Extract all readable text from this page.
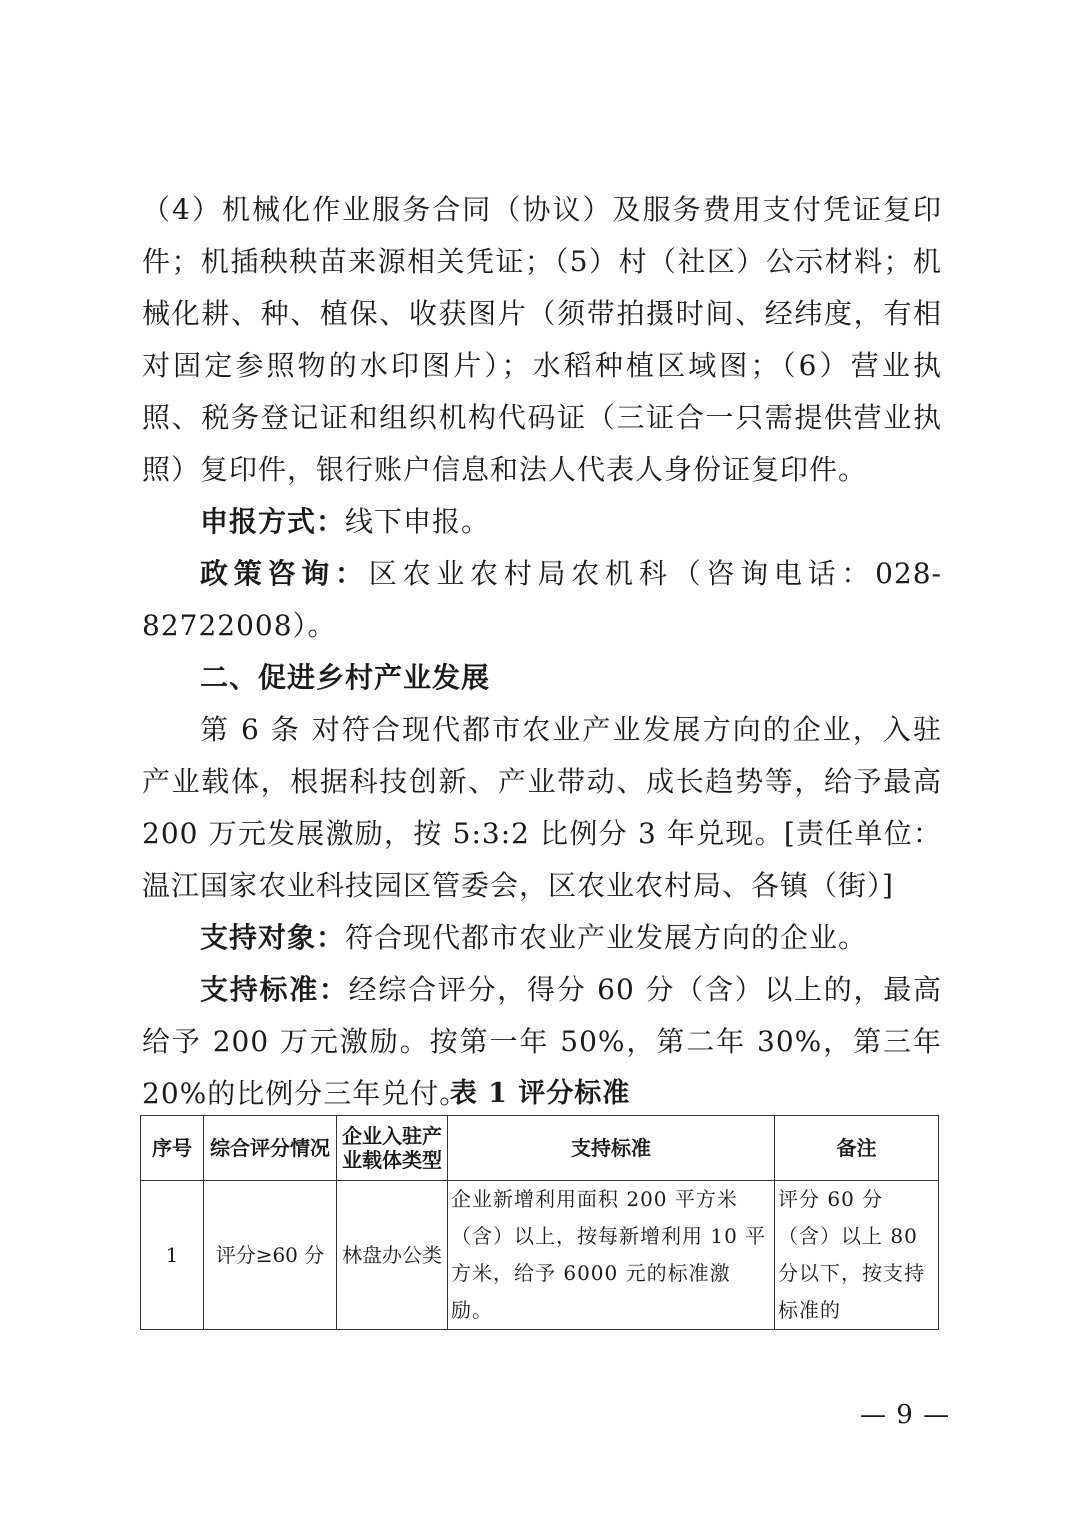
（4）机械化作业服务合同（协议）及服务费用支付凭证复印件；机插秧秧苗来源相关凭证；（5）村（社区）公示材料；机械化耕、种、植保、收获图片（须带拍摄时间、经纬度，有相对固定参照物的水印图片）；水稻种植区域图；（6）营业执照、税务登记证和组织机构代码证（三证合一只需提供营业执照）复印件，银行账户信息和法人代表人身份证复印件。

申报方式：线下申报。

政策咨询：区农业农村局农机科（咨询电话：028-82722008）。

二、促进乡村产业发展

第 6 条 对符合现代都市农业产业发展方向的企业，入驻产业载体，根据科技创新、产业带动、成长趋势等，给予最高 200 万元发展激励，按 5:3:2 比例分 3 年兑现。[责任单位：温江国家农业科技园区管委会，区农业农村局、各镇（街）]

支持对象：符合现代都市农业产业发展方向的企业。

支持标准：经综合评分，得分 60 分（含）以上的，最高给予 200 万元激励。按第一年 50%，第二年 30%，第三年 20%的比例分三年兑付。

表 1 评分标准
序号	综合评分情况	企业入驻产业载体类型	支持标准	备注
1	评分≥60 分	林盘办公类	企业新增利用面积 200 平方米（含）以上，按每新增利用 10 平方米，给予 6000 元的标准激励。	评分 60 分（含）以上 80 分以下，按支持标准的
— 9 —
